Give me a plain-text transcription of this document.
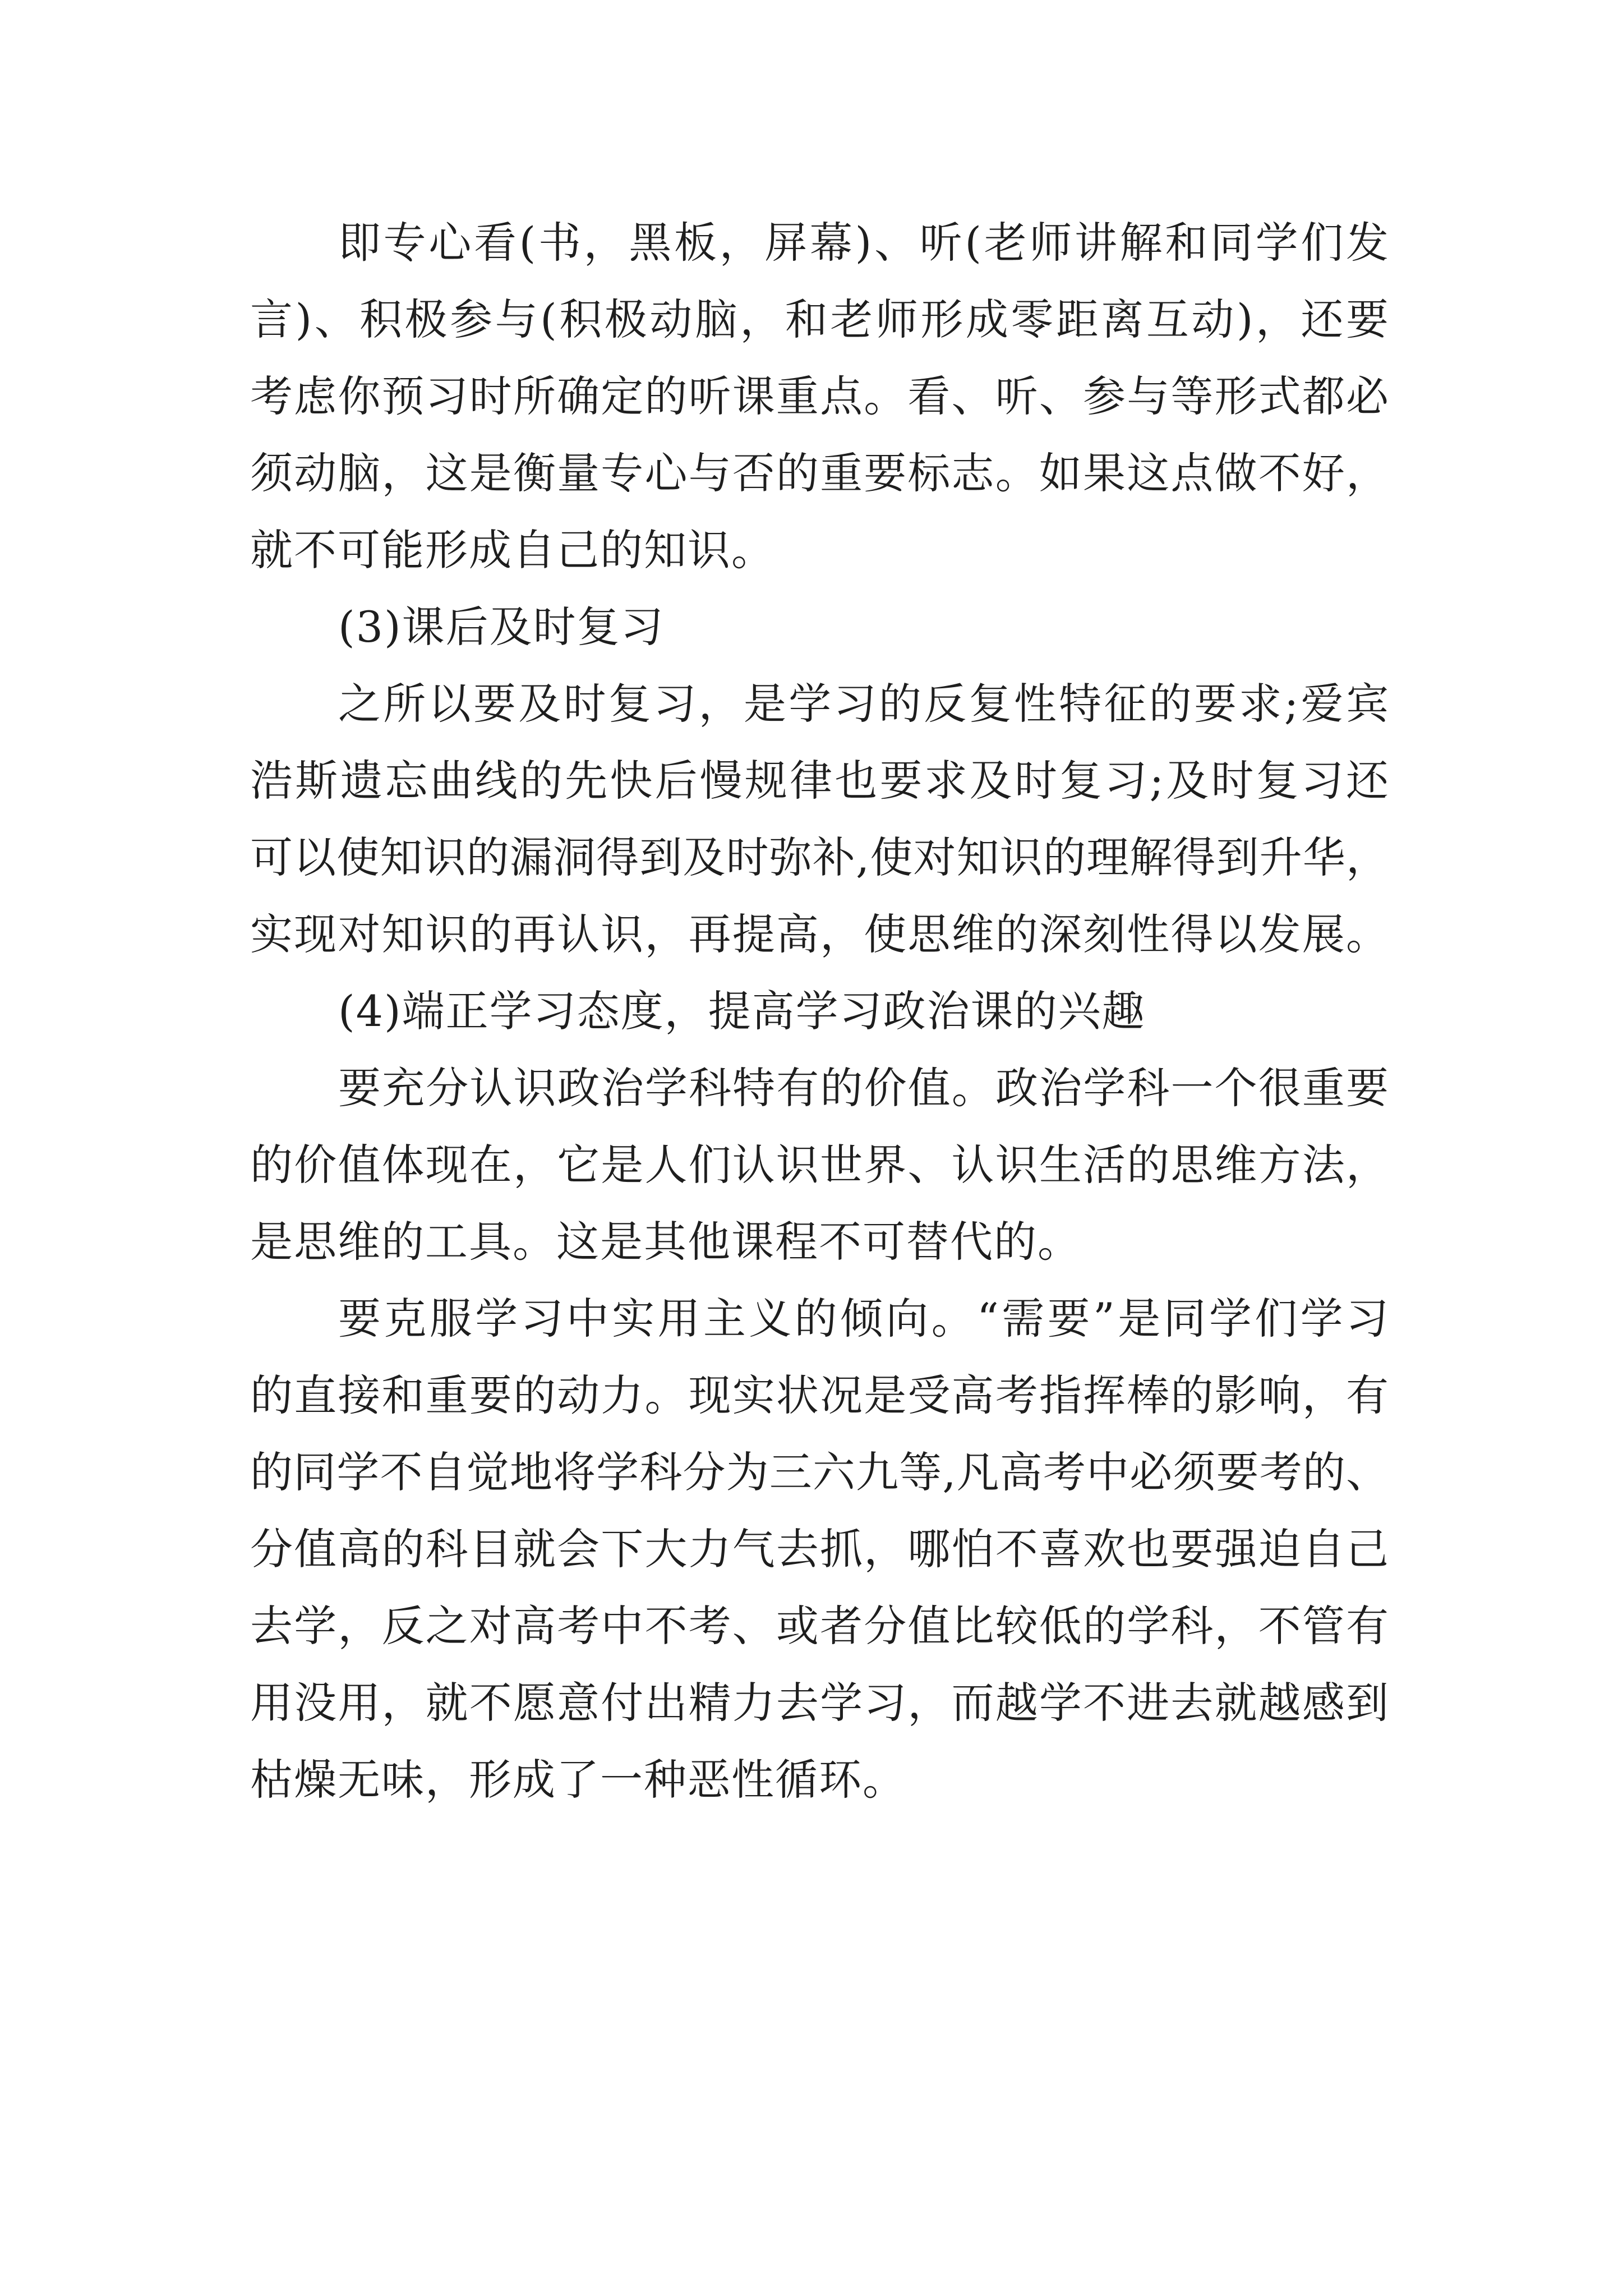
即专心看(书，黑板，屏幕)、听(老师讲解和同学们发
言)、积极参与(积极动脑，和老师形成零距离互动)，还要
考虑你预习时所确定的听课重点。看、听、参与等形式都必
须动脑，这是衡量专心与否的重要标志。如果这点做不好，
就不可能形成自己的知识。
(3)课后及时复习
之所以要及时复习，是学习的反复性特征的要求;爱宾
浩斯遗忘曲线的先快后慢规律也要求及时复习;及时复习还
可以使知识的漏洞得到及时弥补,使对知识的理解得到升华，
实现对知识的再认识，再提高，使思维的深刻性得以发展。
(4)端正学习态度，提高学习政治课的兴趣
要充分认识政治学科特有的价值。政治学科一个很重要
的价值体现在，它是人们认识世界、认识生活的思维方法，
是思维的工具。这是其他课程不可替代的。
要克服学习中实用主义的倾向。“需要”是同学们学习
的直接和重要的动力。现实状况是受高考指挥棒的影响，有
的同学不自觉地将学科分为三六九等,凡高考中必须要考的、
分值高的科目就会下大力气去抓，哪怕不喜欢也要强迫自己
去学，反之对高考中不考、或者分值比较低的学科，不管有
用没用，就不愿意付出精力去学习，而越学不进去就越感到
枯燥无味，形成了一种恶性循环。
